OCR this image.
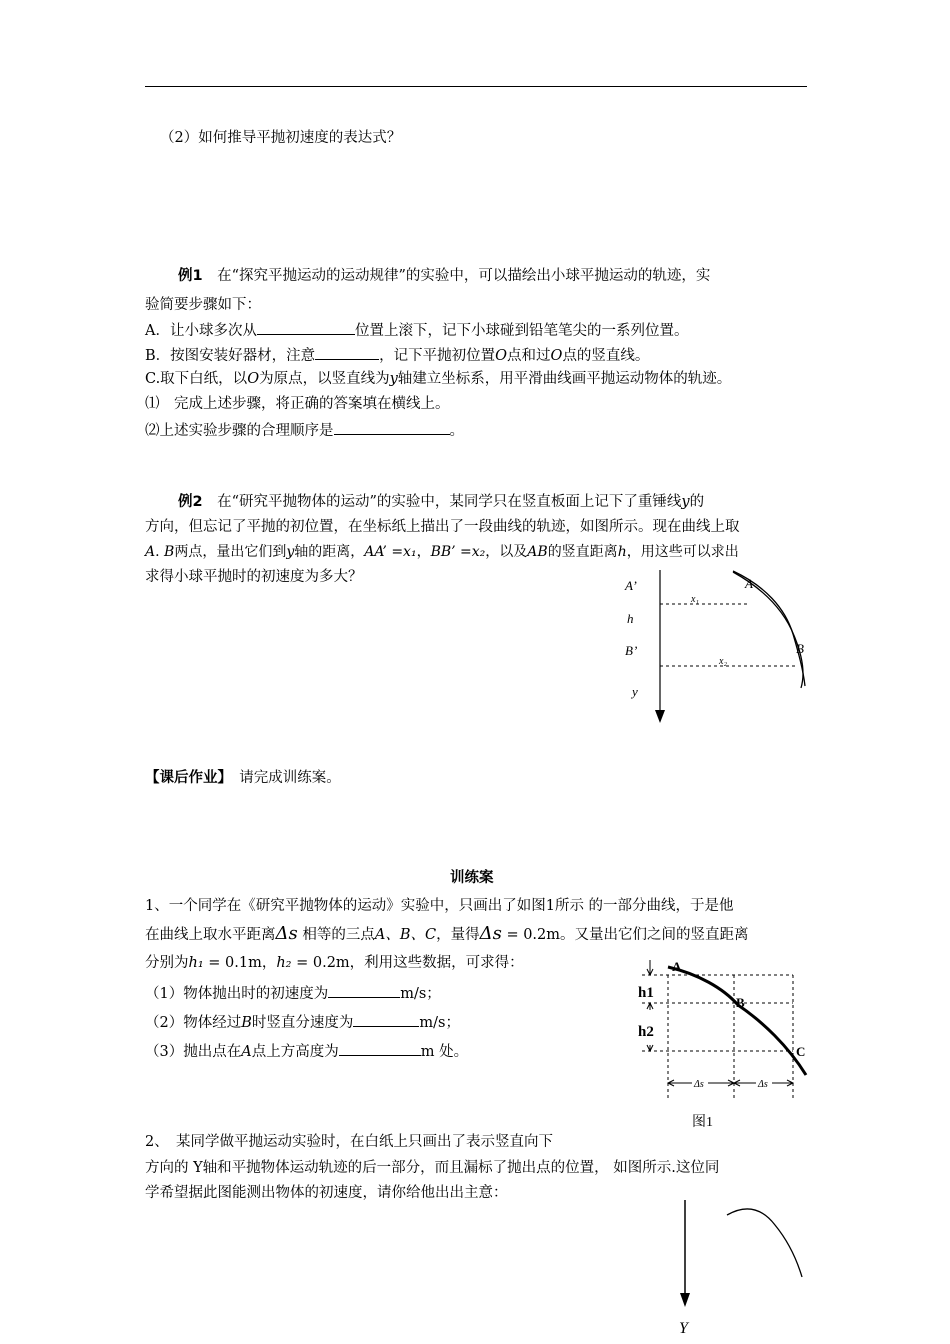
（2）如何推导平抛初速度的表达式？
例1　 在“探究平抛运动的运动规律”的实验中，可以描绘出小球平抛运动的轨迹，实
验简要步骤如下：
A．让小球多次从	位置上滚下，记下小球碰到铅笔笔尖的一系列位置。
B．按图安装好器材，注意	，记下平抛初位置O点和过O点的竖直线。
C.取下白纸，以O为原点，以竖直线为y轴建立坐标系，用平滑曲线画平抛运动物体的轨迹。
⑴　完成上述步骤，将正确的答案填在横线上。
⑵上述实验步骤的合理顺序是	。
例2　 在“研究平抛物体的运动”的实验中，某同学只在竖直板面上记下了重锤线y的
方向，但忘记了平抛的初位置，在坐标纸上描出了一段曲线的轨迹，如图所示。现在曲线上取
A. B两点，量出它们到y轴的距离，AA’ =x₁，BB’ =x₂，以及AB的竖直距离h，用这些可以求出
求得小球平抛时的初速度为多大？
A’
h
B’
y
A
B
x₁
x₂
【课后作业】　 请完成训练案。
训练案
1、一个同学在《研究平抛物体的运动》实验中，只画出了如图1所示 的一部分曲线，于是他
在曲线上取水平距离Δs 相等的三点A、B、C，量得Δs = 0.2m。又量出它们之间的竖直距离
分别为h₁ = 0.1m，h₂ = 0.2m，利用这些数据，可求得：
（1）物体抛出时的初速度为	m/s；
（2）物体经过B时竖直分速度为	m/s；
（3）抛出点在A点上方高度为	m 处。
h1
h2
A
B
C
Δs	Δs
图1
2、　某同学做平抛运动实验时，在白纸上只画出了表示竖直向下
方向的 Y轴和平抛物体运动轨迹的后一部分，而且漏标了抛出点的位置， 如图所示.这位同
学希望据此图能测出物体的初速度，请你给他出出主意：
Y
